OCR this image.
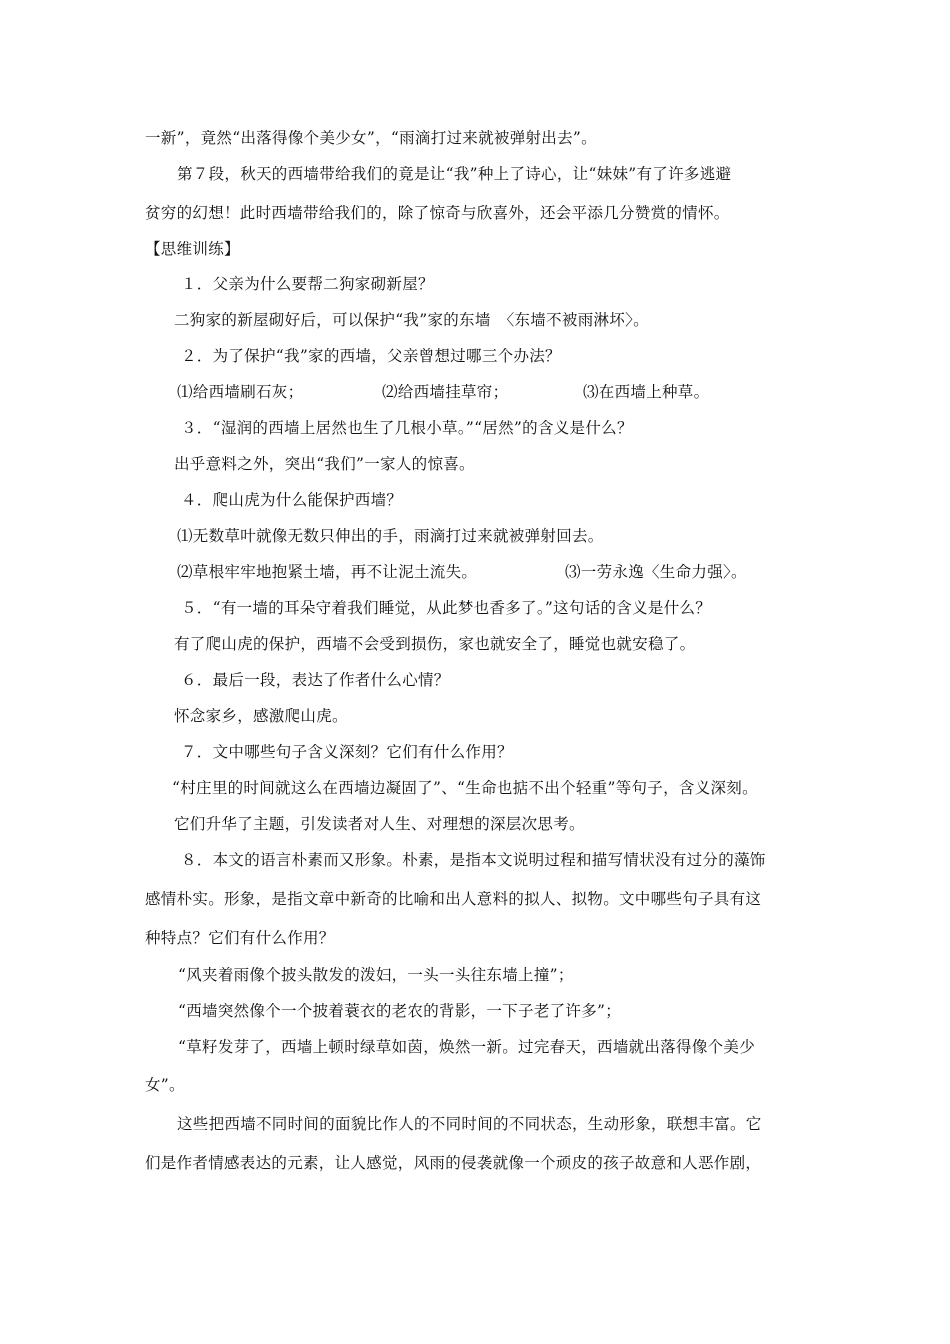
一新”，竟然“出落得像个美少女”，“雨滴打过来就被弹射出去”。
第７段，秋天的西墙带给我们的竟是让“我”种上了诗心，让“妹妹”有了许多逃避
贫穷的幻想！此时西墙带给我们的，除了惊奇与欣喜外，还会平添几分赞赏的情怀。
【思维训练】
１．父亲为什么要帮二狗家砌新屋？
二狗家的新屋砌好后，可以保护“我”家的东墙　〈东墙不被雨淋坏〉。
２．为了保护“我”家的西墙，父亲曾想过哪三个办法？
⑴给西墙刷石灰；	⑵给西墙挂草帘；	⑶在西墙上种草。
３．“湿润的西墙上居然也生了几根小草。”“居然”的含义是什么？
出乎意料之外，突出“我们”一家人的惊喜。
４．爬山虎为什么能保护西墙？
⑴无数草叶就像无数只伸出的手，雨滴打过来就被弹射回去。
⑵草根牢牢地抱紧土墙，再不让泥土流失。	⑶一劳永逸〈生命力强〉。
５．“有一墙的耳朵守着我们睡觉，从此梦也香多了。”这句话的含义是什么？
有了爬山虎的保护，西墙不会受到损伤，家也就安全了，睡觉也就安稳了。
６．最后一段，表达了作者什么心情？
怀念家乡，感激爬山虎。
７．文中哪些句子含义深刻？它们有什么作用？
“村庄里的时间就这么在西墙边凝固了”、“生命也掂不出个轻重”等句子，含义深刻。
它们升华了主题，引发读者对人生、对理想的深层次思考。
８．本文的语言朴素而又形象。朴素，是指本文说明过程和描写情状没有过分的藻饰
感情朴实。形象，是指文章中新奇的比喻和出人意料的拟人、拟物。文中哪些句子具有这
种特点？它们有什么作用？
“风夹着雨像个披头散发的泼妇，一头一头往东墙上撞”；
“西墙突然像个一个披着蓑衣的老农的背影，一下子老了许多”；
“草籽发芽了，西墙上顿时绿草如茵，焕然一新。过完春天，西墙就出落得像个美少
女”。
这些把西墙不同时间的面貌比作人的不同时间的不同状态，生动形象，联想丰富。它
们是作者情感表达的元素，让人感觉，风雨的侵袭就像一个顽皮的孩子故意和人恶作剧，
